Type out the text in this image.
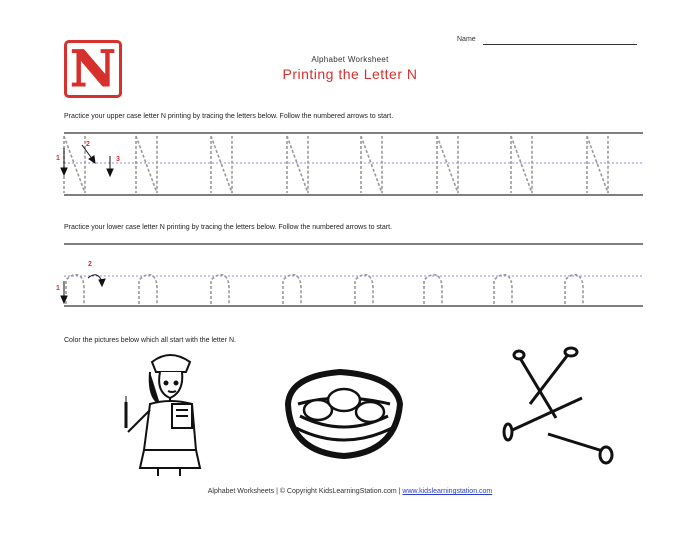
N	Name
Alphabet Worksheet
Printing the Letter N
Practice your upper case letter N printing by tracing the letters below. Follow the numbered arrows to start.
1
2
3
1
2
Practice your lower case letter N printing by tracing the letters below. Follow the numbered arrows to start.
Color the pictures below which all start with the letter N.
Alphabet Worksheets | © Copyright KidsLearningStation.com | www.kidslearningstation.com
